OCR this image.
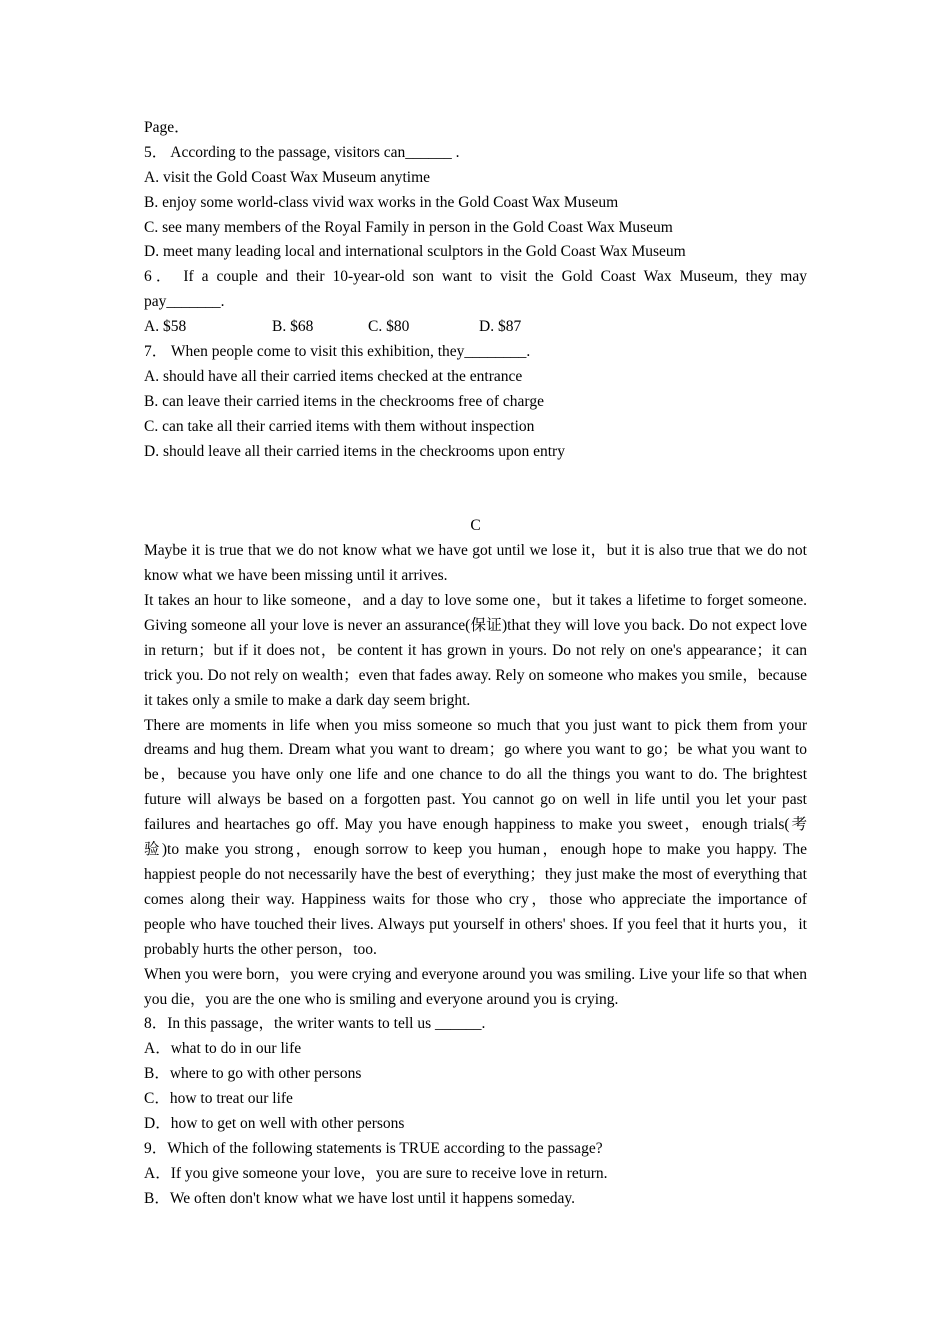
Page．
5． According to the passage, visitors can______ .
A. visit the Gold Coast Wax Museum anytime
B. enjoy some world-class vivid wax works in the Gold Coast Wax Museum
C. see many members of the Royal Family in person in the Gold Coast Wax Museum
D. meet many leading local and international sculptors in the Gold Coast Wax Museum
6． If a couple and their 10-year-old son want to visit the Gold Coast Wax Museum, they may pay_______.
A. $58	B. $68	C. $80	D. $87
7． When people come to visit this exhibition, they________.
A. should have all their carried items checked at the entrance
B. can leave their carried items in the checkrooms free of charge
C. can take all their carried items with them without inspection
D. should leave all their carried items in the checkrooms upon entry
C
Maybe it is true that we do not know what we have got until we lose it，but it is also true that we do not know what we have been missing until it arrives.
It takes an hour to like someone，and a day to love some one，but it takes a lifetime to forget someone. Giving someone all your love is never an assurance(保证)that they will love you back. Do not expect love in return；but if it does not，be content it has grown in yours. Do not rely on one's appearance；it can trick you. Do not rely on wealth；even that fades away. Rely on someone who makes you smile，because it takes only a smile to make a dark day seem bright.
There are moments in life when you miss someone so much that you just want to pick them from your dreams and hug them. Dream what you want to dream；go where you want to go；be what you want to be，because you have only one life and one chance to do all the things you want to do. The brightest future will always be based on a forgotten past. You cannot go on well in life until you let your past failures and heartaches go off. May you have enough happiness to make you sweet，enough trials(考验)to make you strong，enough sorrow to keep you human，enough hope to make you happy. The happiest people do not necessarily have the best of everything；they just make the most of everything that comes along their way. Happiness waits for those who cry，those who appreciate the importance of people who have touched their lives. Always put yourself in others' shoes. If you feel that it hurts you，it probably hurts the other person，too.
When you were born，you were crying and everyone around you was smiling. Live your life so that when you die，you are the one who is smiling and everyone around you is crying.
8．In this passage，the writer wants to tell us ______.
A．what to do in our life
B．where to go with other persons
C．how to treat our life
D．how to get on well with other persons
9．Which of the following statements is TRUE according to the passage?
A．If you give someone your love，you are sure to receive love in return.
B．We often don't know what we have lost until it happens someday.
